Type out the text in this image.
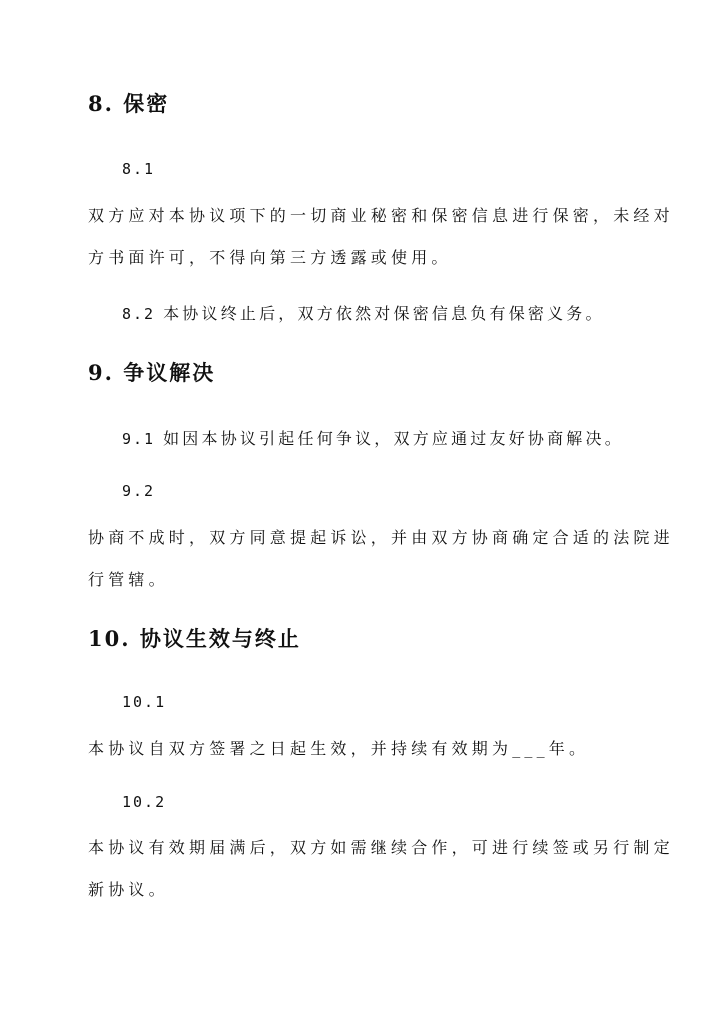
8. 保密
8.1
双方应对本协议项下的一切商业秘密和保密信息进行保密，未经对
方书面许可，不得向第三方透露或使用。
8.2 本协议终止后，双方依然对保密信息负有保密义务。
9. 争议解决
9.1 如因本协议引起任何争议，双方应通过友好协商解决。
9.2
协商不成时，双方同意提起诉讼，并由双方协商确定合适的法院进
行管辖。
10. 协议生效与终止
10.1
本协议自双方签署之日起生效，并持续有效期为___年。
10.2
本协议有效期届满后，双方如需继续合作，可进行续签或另行制定
新协议。
